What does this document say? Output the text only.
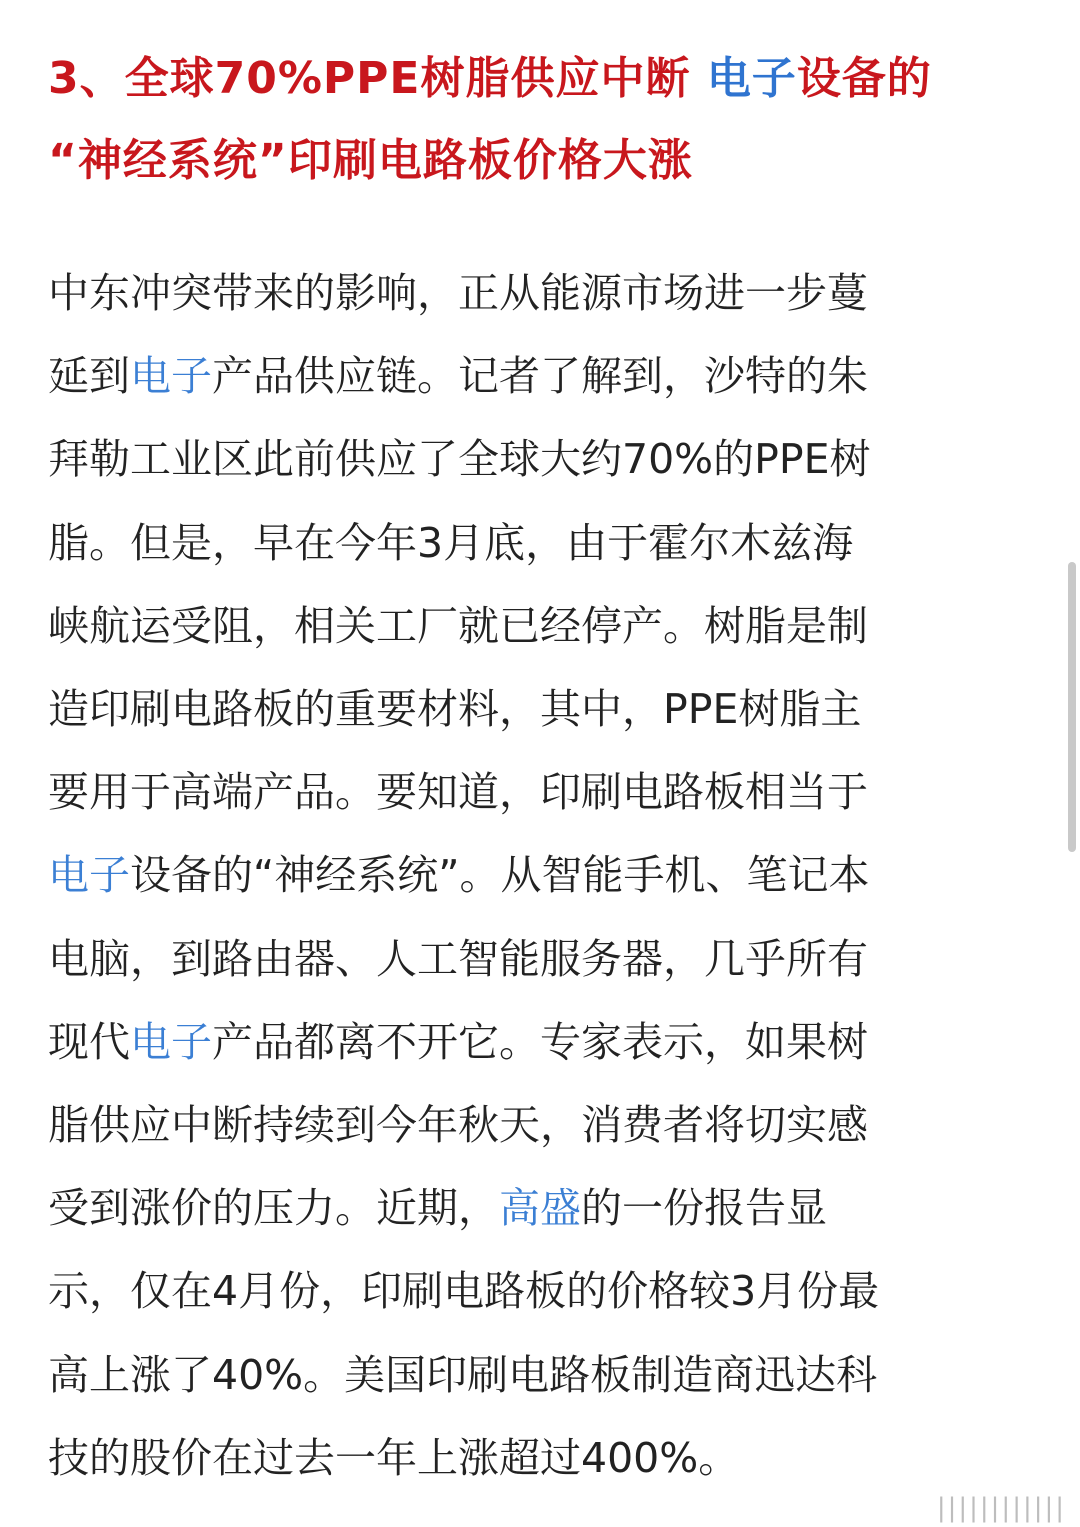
3、全球70%PPE树脂供应中断 电子设备的
“神经系统”印刷电路板价格大涨

中东冲突带来的影响，正从能源市场进一步蔓
延到电子产品供应链。记者了解到，沙特的朱
拜勒工业区此前供应了全球大约70%的PPE树
脂。但是，早在今年3月底，由于霍尔木兹海
峡航运受阻，相关工厂就已经停产。树脂是制
造印刷电路板的重要材料，其中，PPE树脂主
要用于高端产品。要知道，印刷电路板相当于
电子设备的“神经系统”。从智能手机、笔记本
电脑，到路由器、人工智能服务器，几乎所有
现代电子产品都离不开它。专家表示，如果树
脂供应中断持续到今年秋天，消费者将切实感
受到涨价的压力。近期，高盛的一份报告显
示，仅在4月份，印刷电路板的价格较3月份最
高上涨了40%。美国印刷电路板制造商迅达科
技的股价在过去一年上涨超过400%。

||||||||||||
